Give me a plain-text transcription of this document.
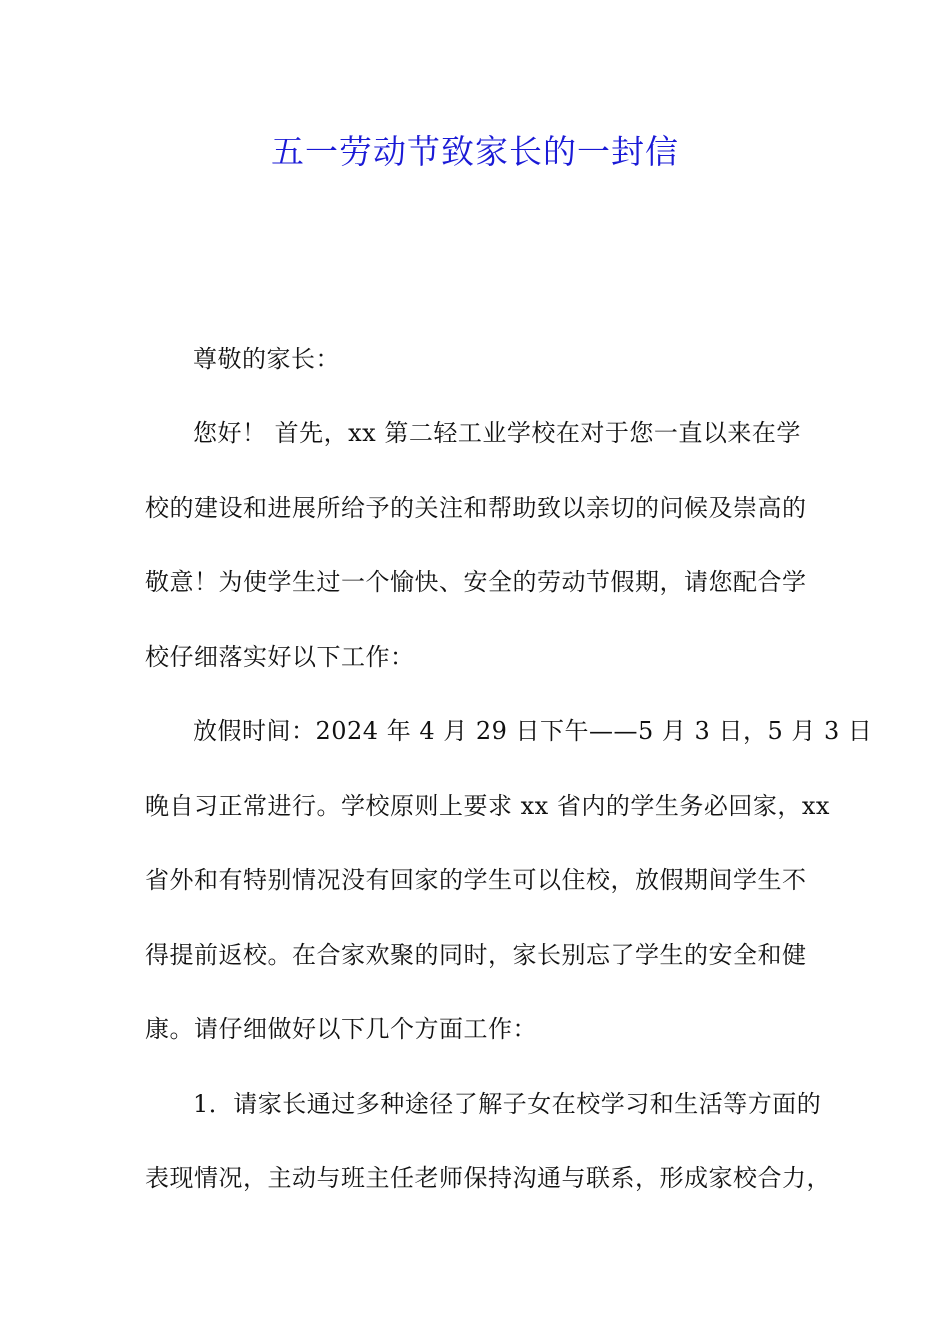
五一劳动节致家长的一封信
尊敬的家长：
您好！ 首先，xx 第二轻工业学校在对于您一直以来在学
校的建设和进展所给予的关注和帮助致以亲切的问候及崇高的
敬意！为使学生过一个愉快、安全的劳动节假期，请您配合学
校仔细落实好以下工作：
放假时间：2024 年 4 月 29 日下午——5 月 3 日，5 月 3 日
晚自习正常进行。学校原则上要求 xx 省内的学生务必回家，xx
省外和有特别情况没有回家的学生可以住校，放假期间学生不
得提前返校。在合家欢聚的同时，家长别忘了学生的安全和健
康。请仔细做好以下几个方面工作：
1．请家长通过多种途径了解子女在校学习和生活等方面的
表现情况，主动与班主任老师保持沟通与联系，形成家校合力，
